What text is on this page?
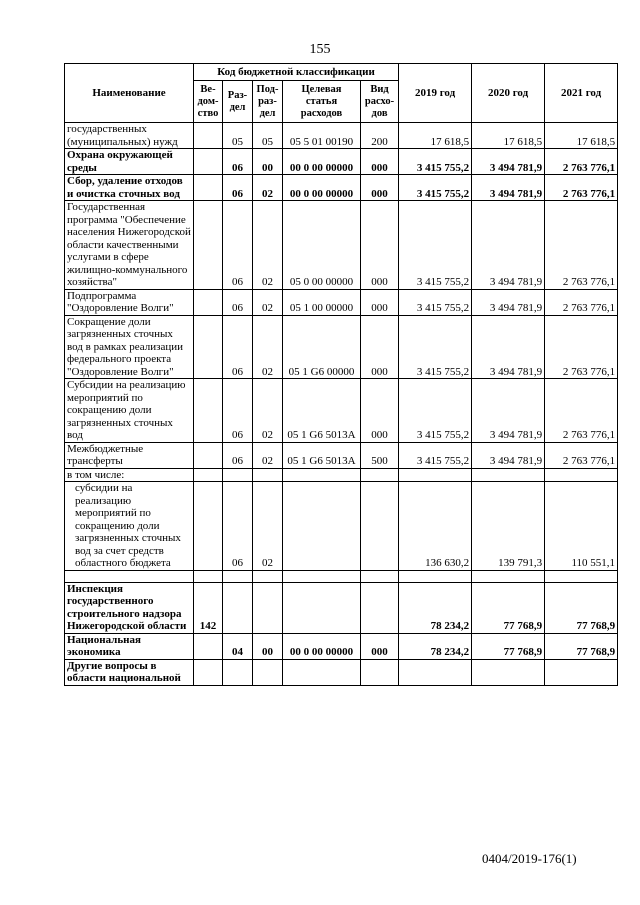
155
Наименование	Код бюджетной классификации					2019 год	2020 год	2021 год
	Ве-дом-ство	Раз-дел	Под-раз-дел	Целевая статья расходов	Вид расхо-дов			
государственных (муниципальных) нужд		05	05	05 5 01 00190	200	17 618,5	17 618,5	17 618,5
Охрана окружающей среды		06	00	00 0 00 00000	000	3 415 755,2	3 494 781,9	2 763 776,1
Сбор, удаление отходов и очистка сточных вод		06	02	00 0 00 00000	000	3 415 755,2	3 494 781,9	2 763 776,1
Государственная программа "Обеспечение населения Нижегородской области качественными услугами в сфере жилищно-коммунального хозяйства"		06	02	05 0 00 00000	000	3 415 755,2	3 494 781,9	2 763 776,1
Подпрограмма "Оздоровление Волги"		06	02	05 1 00 00000	000	3 415 755,2	3 494 781,9	2 763 776,1
Сокращение доли загрязненных сточных вод в рамках реализации федерального проекта "Оздоровление Волги"		06	02	05 1 G6 00000	000	3 415 755,2	3 494 781,9	2 763 776,1
Субсидии на реализацию мероприятий по сокращению доли загрязненных сточных вод		06	02	05 1 G6 5013A	000	3 415 755,2	3 494 781,9	2 763 776,1
Межбюджетные трансферты		06	02	05 1 G6 5013A	500	3 415 755,2	3 494 781,9	2 763 776,1
в том числе:								
субсидии на реализацию мероприятий по сокращению доли загрязненных сточных вод за счет средств областного бюджета		06	02			136 630,2	139 791,3	110 551,1

Инспекция государственного строительного надзора Нижегородской области	142					78 234,2	77 768,9	77 768,9
Национальная экономика		04	00	00 0 00 00000	000	78 234,2	77 768,9	77 768,9
Другие вопросы в области национальной								
0404/2019-176(1)
